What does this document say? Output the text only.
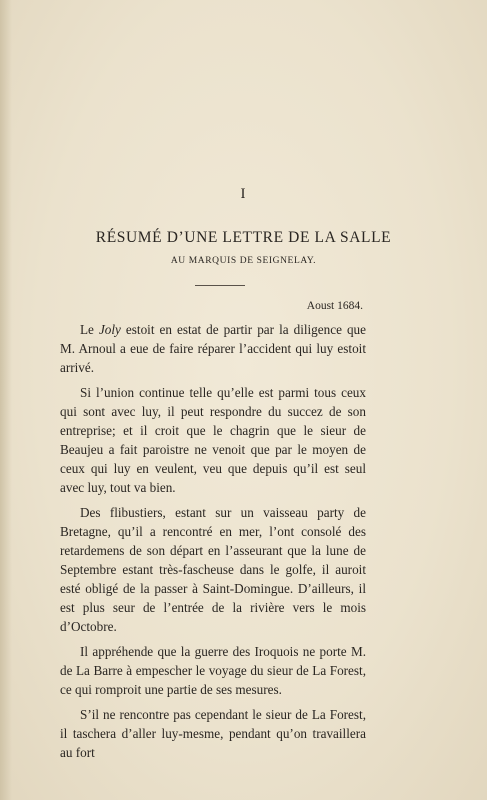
I
RÉSUMÉ D’UNE LETTRE DE LA SALLE
AU MARQUIS DE SEIGNELAY.
Aoust 1684.

Le Joly estoit en estat de partir par la diligence que M. Arnoul a eue de faire réparer l’accident qui luy estoit arrivé.

Si l’union continue telle qu’elle est parmi tous ceux qui sont avec luy, il peut respondre du succez de son entreprise; et il croit que le chagrin que le sieur de Beaujeu a fait paroistre ne venoit que par le moyen de ceux qui luy en veulent, veu que depuis qu’il est seul avec luy, tout va bien.

Des flibustiers, estant sur un vaisseau party de Bretagne, qu’il a rencontré en mer, l’ont consolé des retardemens de son départ en l’asseurant que la lune de Septembre estant très-fascheuse dans le golfe, il auroit esté obligé de la passer à Saint-Domingue. D’ailleurs, il est plus seur de l’entrée de la rivière vers le mois d’Octobre.

Il appréhende que la guerre des Iroquois ne porte M. de La Barre à empescher le voyage du sieur de La Forest, ce qui romproit une partie de ses mesures.

S’il ne rencontre pas cependant le sieur de La Forest, il taschera d’aller luy-mesme, pendant qu’on travaillera au fort
